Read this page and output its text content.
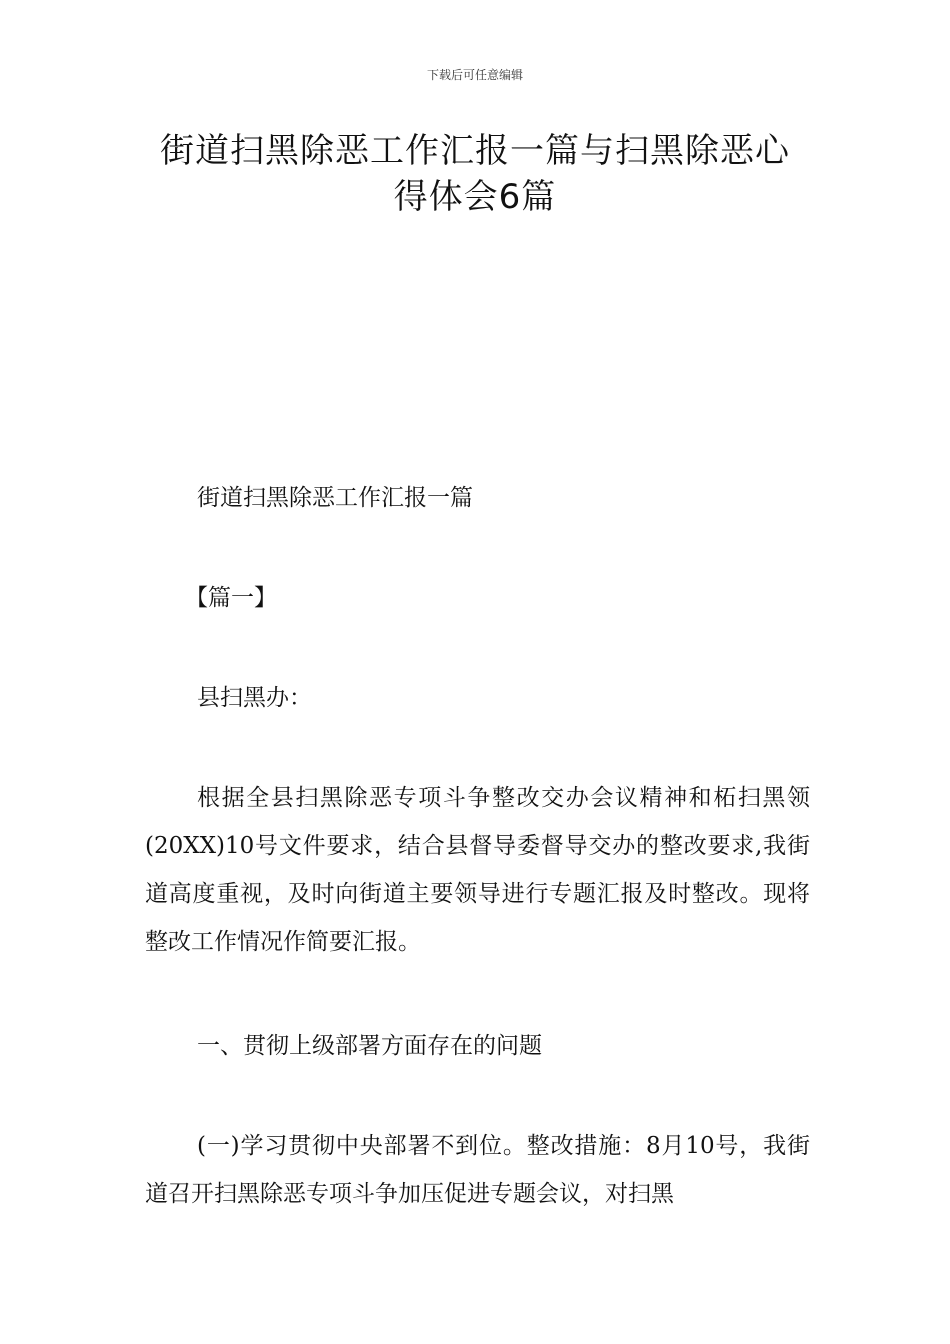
下载后可任意编辑
街道扫黑除恶工作汇报一篇与扫黑除恶心
得体会6篇

街道扫黑除恶工作汇报一篇

【篇一】

县扫黑办：

根据全县扫黑除恶专项斗争整改交办会议精神和柘扫黑领(20XX)10号文件要求，结合县督导委督导交办的整改要求,我街道高度重视，及时向街道主要领导进行专题汇报及时整改。现将整改工作情况作简要汇报。

一、贯彻上级部署方面存在的问题

(一)学习贯彻中央部署不到位。整改措施：8月10号，我街道召开扫黑除恶专项斗争加压促进专题会议，对扫黑
